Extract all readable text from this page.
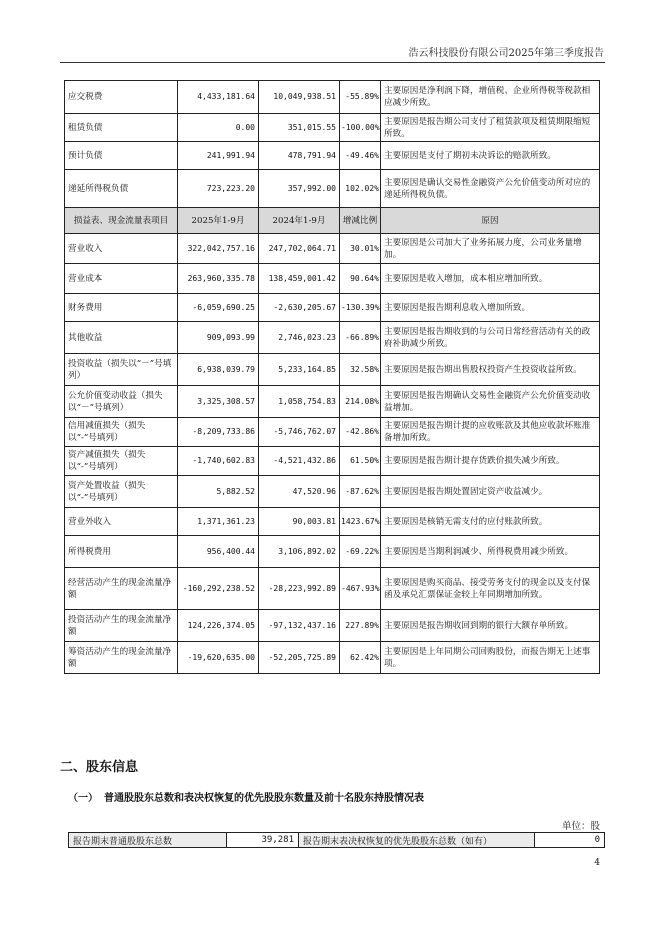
浩云科技股份有限公司2025年第三季度报告
应交税费	4,433,181.64	10,049,938.51	-55.89%	主要原因是净利润下降，增值税、企业所得税等税款相应减少所致。
租赁负债	0.00	351,015.55	-100.00%	主要原因是报告期公司支付了租赁款项及租赁期限缩短所致。
预计负债	241,991.94	478,791.94	-49.46%	主要原因是支付了期初未决诉讼的赔款所致。
递延所得税负债	723,223.20	357,992.00	102.02%	主要原因是确认交易性金融资产公允价值变动所对应的递延所得税负债。
损益表、现金流量表项目	2025年1-9月	2024年1-9月	增减比例	原因
营业收入	322,042,757.16	247,702,064.71	30.01%	主要原因是公司加大了业务拓展力度，公司业务量增加。
营业成本	263,960,335.78	138,459,001.42	90.64%	主要原因是收入增加，成本相应增加所致。
财务费用	-6,059,690.25	-2,630,205.67	-130.39%	主要原因是报告期利息收入增加所致。
其他收益	909,093.99	2,746,023.23	-66.89%	主要原因是报告期收到的与公司日常经营活动有关的政府补助减少所致。
投资收益（损失以“－”号填列）	6,938,039.79	5,233,164.85	32.58%	主要原因是报告期出售股权投资产生投资收益所致。
公允价值变动收益（损失以“－”号填列）	3,325,308.57	1,058,754.83	214.08%	主要原因是报告期确认交易性金融资产公允价值变动收益增加。
信用减值损失（损失以“-”号填列）	-8,209,733.86	-5,746,762.07	-42.86%	主要原因是报告期计提的应收账款及其他应收款坏账准备增加所致。
资产减值损失（损失以“-”号填列）	-1,740,602.83	-4,521,432.86	61.50%	主要原因是报告期计提存货跌价损失减少所致。
资产处置收益（损失以“-”号填列）	5,882.52	47,520.96	-87.62%	主要原因是报告期处置固定资产收益减少。
营业外收入	1,371,361.23	90,003.81	1423.67%	主要原因是核销无需支付的应付账款所致。
所得税费用	956,400.44	3,106,892.02	-69.22%	主要原因是当期利润减少、所得税费用减少所致。
经营活动产生的现金流量净额	-160,292,238.52	-28,223,992.89	-467.93%	主要原因是购买商品、接受劳务支付的现金以及支付保函及承兑汇票保证金较上年同期增加所致。
投资活动产生的现金流量净额	124,226,374.05	-97,132,437.16	227.89%	主要原因是报告期收回到期的银行大额存单所致。
筹资活动产生的现金流量净额	-19,620,635.00	-52,205,725.89	62.42%	主要原因是上年同期公司回购股份，而报告期无上述事项。
二、股东信息
（一） 普通股股东总数和表决权恢复的优先股股东数量及前十名股东持股情况表
单位：股
报告期末普通股股东总数	39,281	报告期末表决权恢复的优先股股东总数（如有）	0
4
